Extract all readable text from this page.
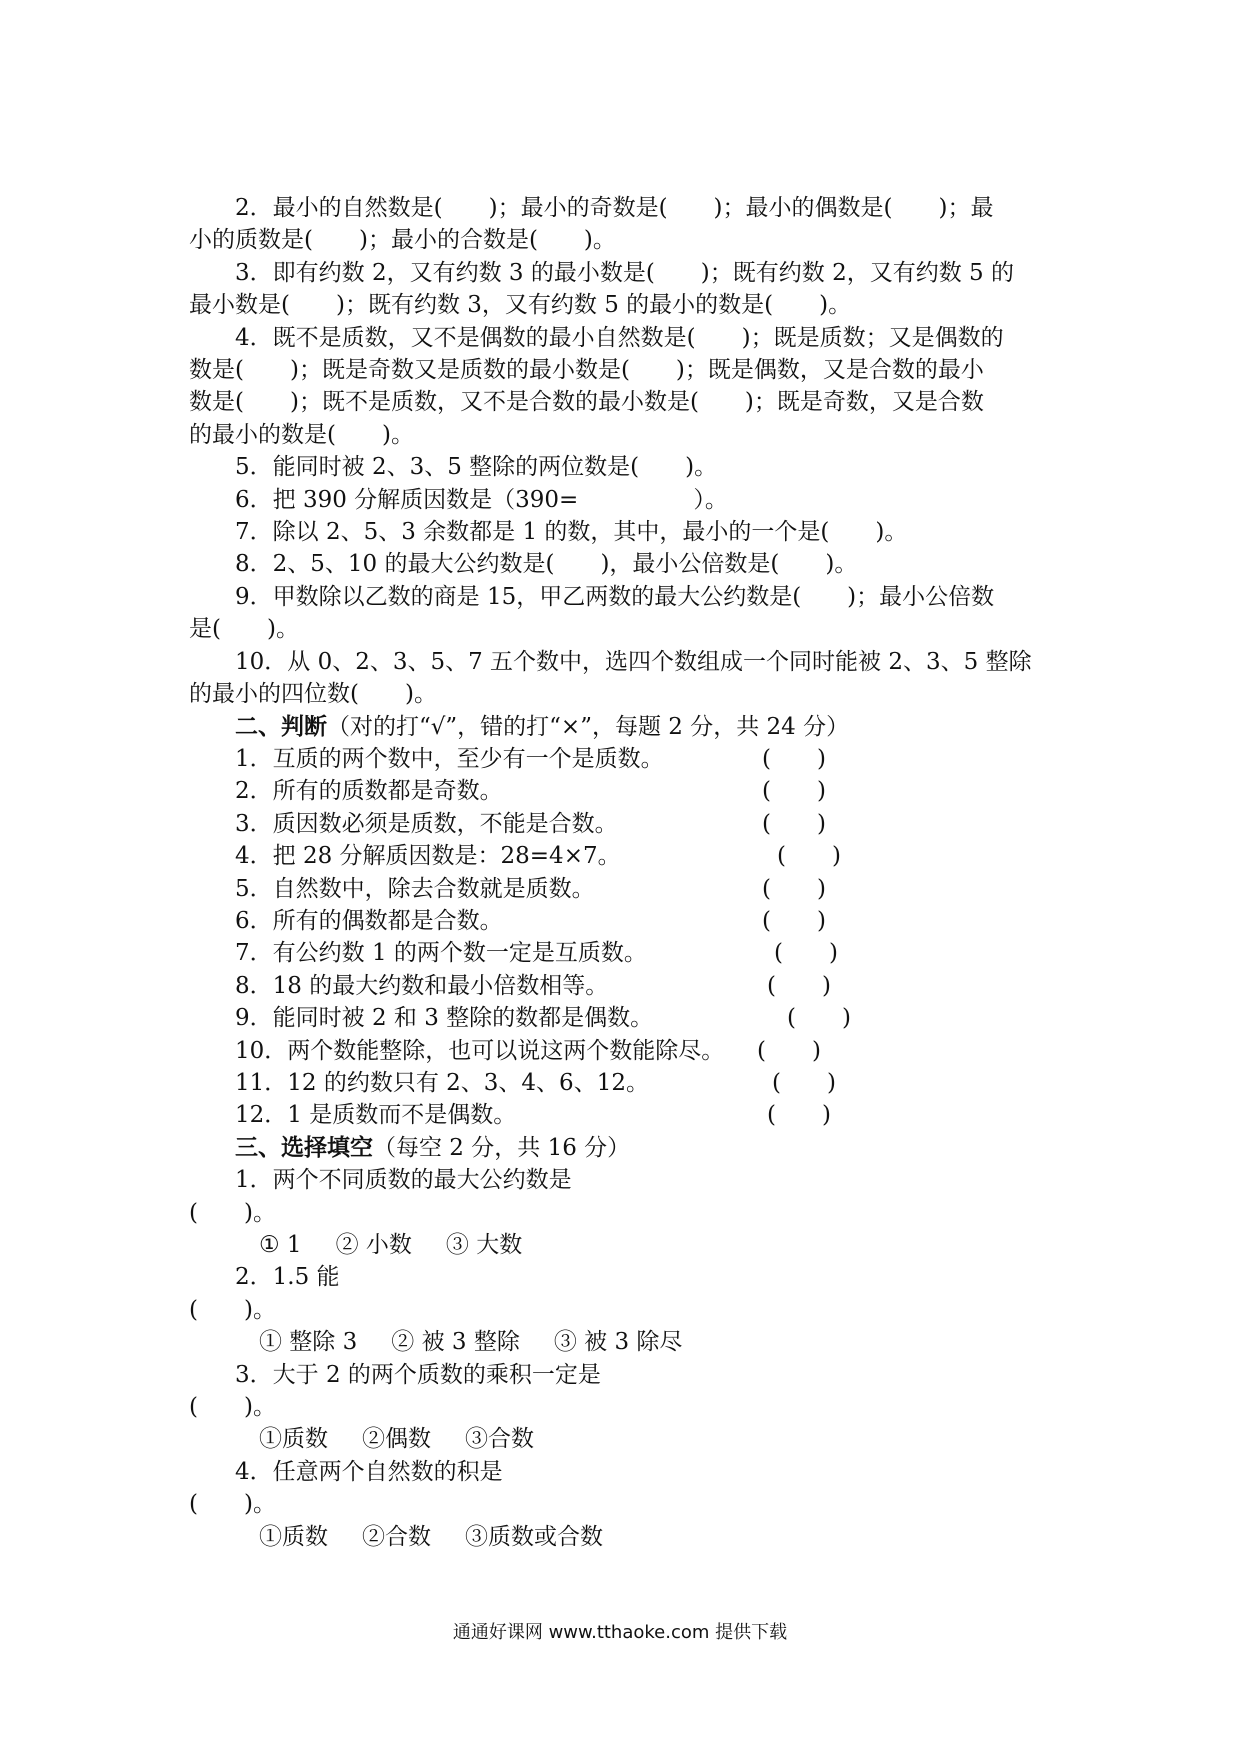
2．最小的自然数是(　　)；最小的奇数是(　　)；最小的偶数是(　　)；最

小的质数是(　　)；最小的合数是(　　)。

3．即有约数 2，又有约数 3 的最小数是(　　)；既有约数 2，又有约数 5 的

最小数是(　　)；既有约数 3，又有约数 5 的最小的数是(　　)。

4．既不是质数，又不是偶数的最小自然数是(　　)；既是质数；又是偶数的

数是(　　)；既是奇数又是质数的最小数是(　　)；既是偶数，又是合数的最小

数是(　　)；既不是质数，又不是合数的最小数是(　　)；既是奇数，又是合数

的最小的数是(　　)。

5．能同时被 2、3、5 整除的两位数是(　　)。

6．把 390 分解质因数是（390=　　　　　）。

7．除以 2、5、3 余数都是 1 的数，其中，最小的一个是(　　)。

8．2、5、10 的最大公约数是(　　)，最小公倍数是(　　)。

9．甲数除以乙数的商是 15，甲乙两数的最大公约数是(　　)；最小公倍数

是(　　)。

10．从 0、2、3、5、7 五个数中，选四个数组成一个同时能被 2、3、5 整除

的最小的四位数(　　)。

二、判断（对的打“√”，错的打“×”，每题 2 分，共 24 分）

1．互质的两个数中，至少有一个是质数。	(　　)

2．所有的质数都是奇数。	(　　)

3．质因数必须是质数，不能是合数。	(　　)

4．把 28 分解质因数是：28=4×7。	(　　)

5．自然数中，除去合数就是质数。	(　　)

6．所有的偶数都是合数。	(　　)

7．有公约数 1 的两个数一定是互质数。	(　　)

8．18 的最大约数和最小倍数相等。	(　　)

9．能同时被 2 和 3 整除的数都是偶数。	(　　)

10．两个数能整除，也可以说这两个数能除尽。 (　　)

11．12 的约数只有 2、3、4、6、12。	(　　)

12．1 是质数而不是偶数。	(　　)

三、选择填空（每空 2 分，共 16 分）

1．两个不同质数的最大公约数是

(　　)。

① 1 ② 小数 ③ 大数

2．1.5 能

(　　)。

① 整除 3 ② 被 3 整除 ③ 被 3 除尽

3．大于 2 的两个质数的乘积一定是

(　　)。

①质数 ②偶数 ③合数

4．任意两个自然数的积是

(　　)。

①质数 ②合数 ③质数或合数

通通好课网 www.tthaoke.com 提供下载
